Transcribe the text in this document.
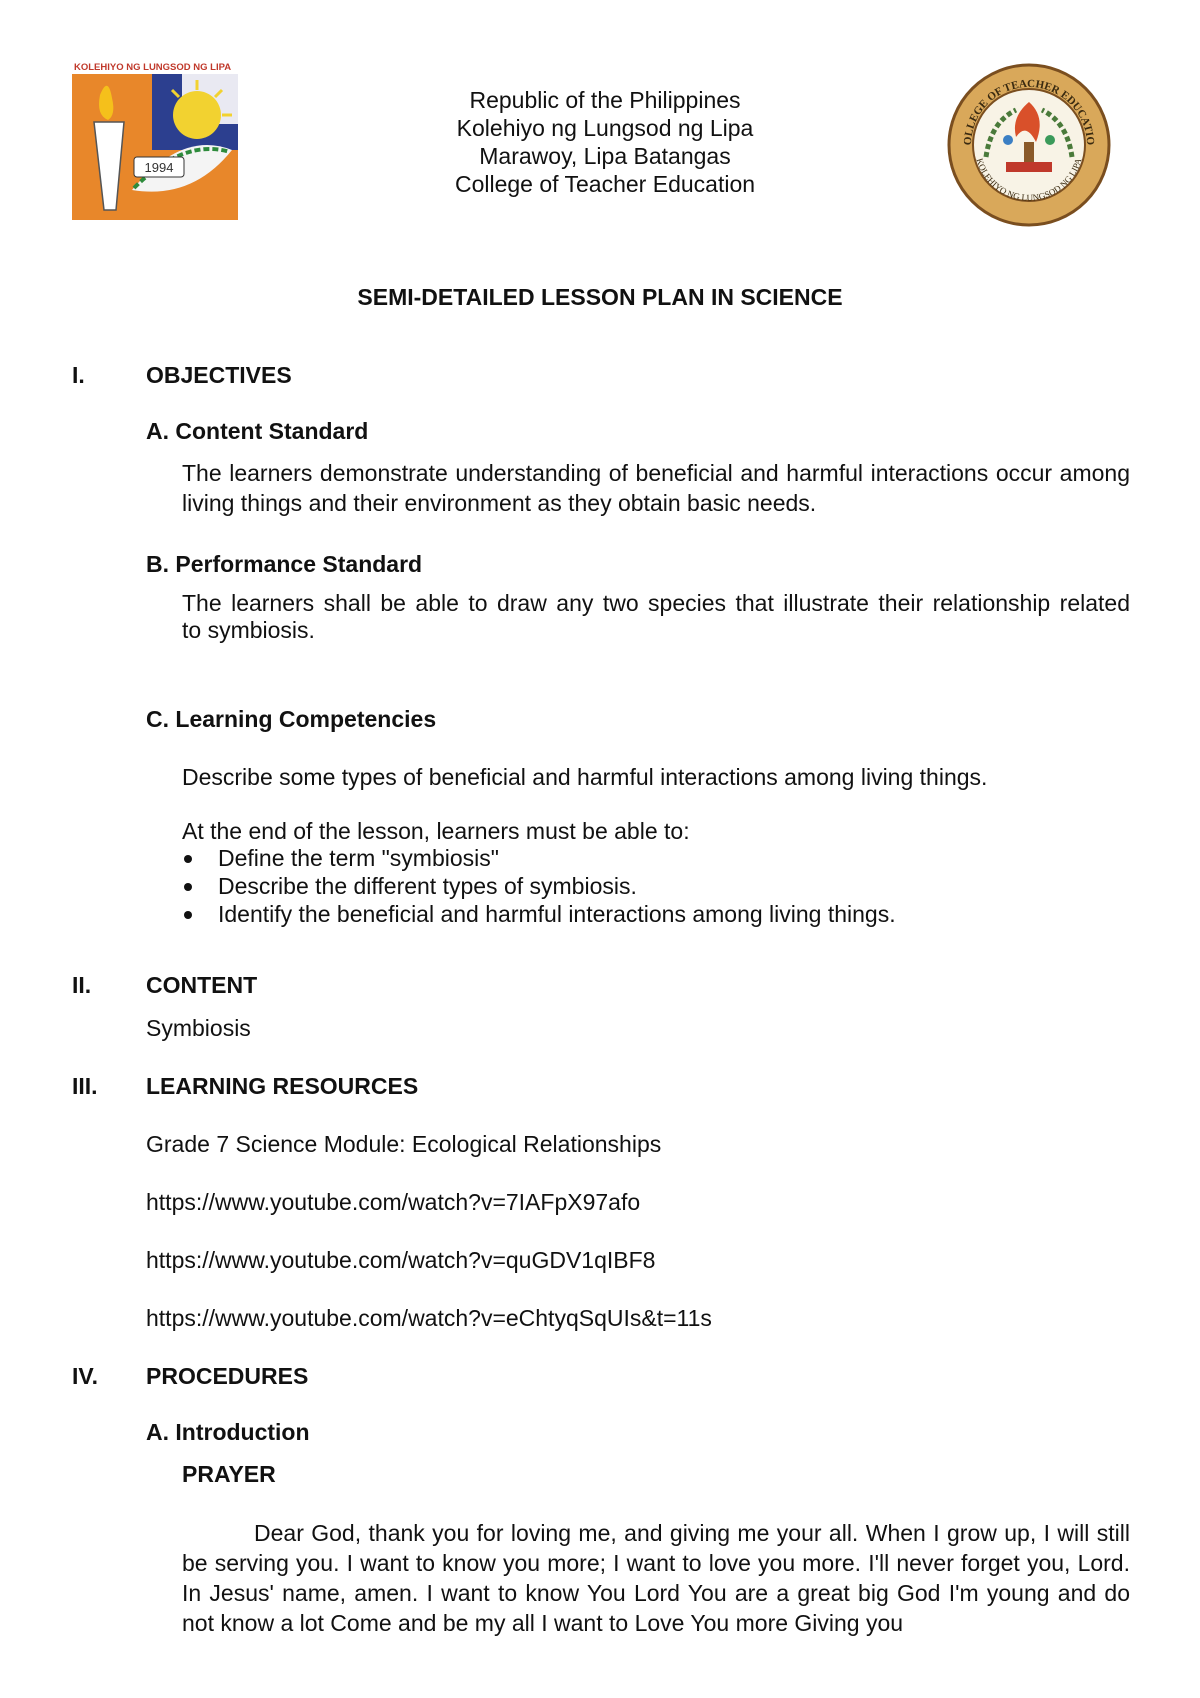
1994
KOLEHIYO NG LUNGSOD NG LIPA
Republic of the Philippines
Kolehiyo ng Lungsod ng Lipa
Marawoy, Lipa Batangas
College of Teacher Education
OLLEGE OF TEACHER EDUCATIO
KOLEHIYO NG LUNGSOD NG LIPA
SEMI-DETAILED LESSON PLAN IN SCIENCE
I.	OBJECTIVES
A. Content Standard
The learners demonstrate understanding of beneficial and harmful interactions occur among living things and their environment as they obtain basic needs.
B. Performance Standard
The learners shall be able to draw any two species that illustrate their relationship related
to symbiosis.
C. Learning Competencies
Describe some types of beneficial and harmful interactions among living things.
At the end of the lesson, learners must be able to:
Define the term "symbiosis"
Describe the different types of symbiosis.
Identify the beneficial and harmful interactions among living things.
II. CONTENT
Symbiosis
III. LEARNING RESOURCES
Grade 7 Science Module: Ecological Relationships
https://www.youtube.com/watch?v=7IAFpX97afo
https://www.youtube.com/watch?v=quGDV1qIBF8
https://www.youtube.com/watch?v=eChtyqSqUIs&t=11s
IV. PROCEDURES
A. Introduction
PRAYER
Dear God, thank you for loving me, and giving me your all. When I grow up, I will still be serving you. I want to know you more; I want to love you more. I'll never forget you, Lord. In Jesus' name, amen. I want to know You Lord You are a great big God I'm young and do not know a lot Come and be my all I want to Love You more Giving you
